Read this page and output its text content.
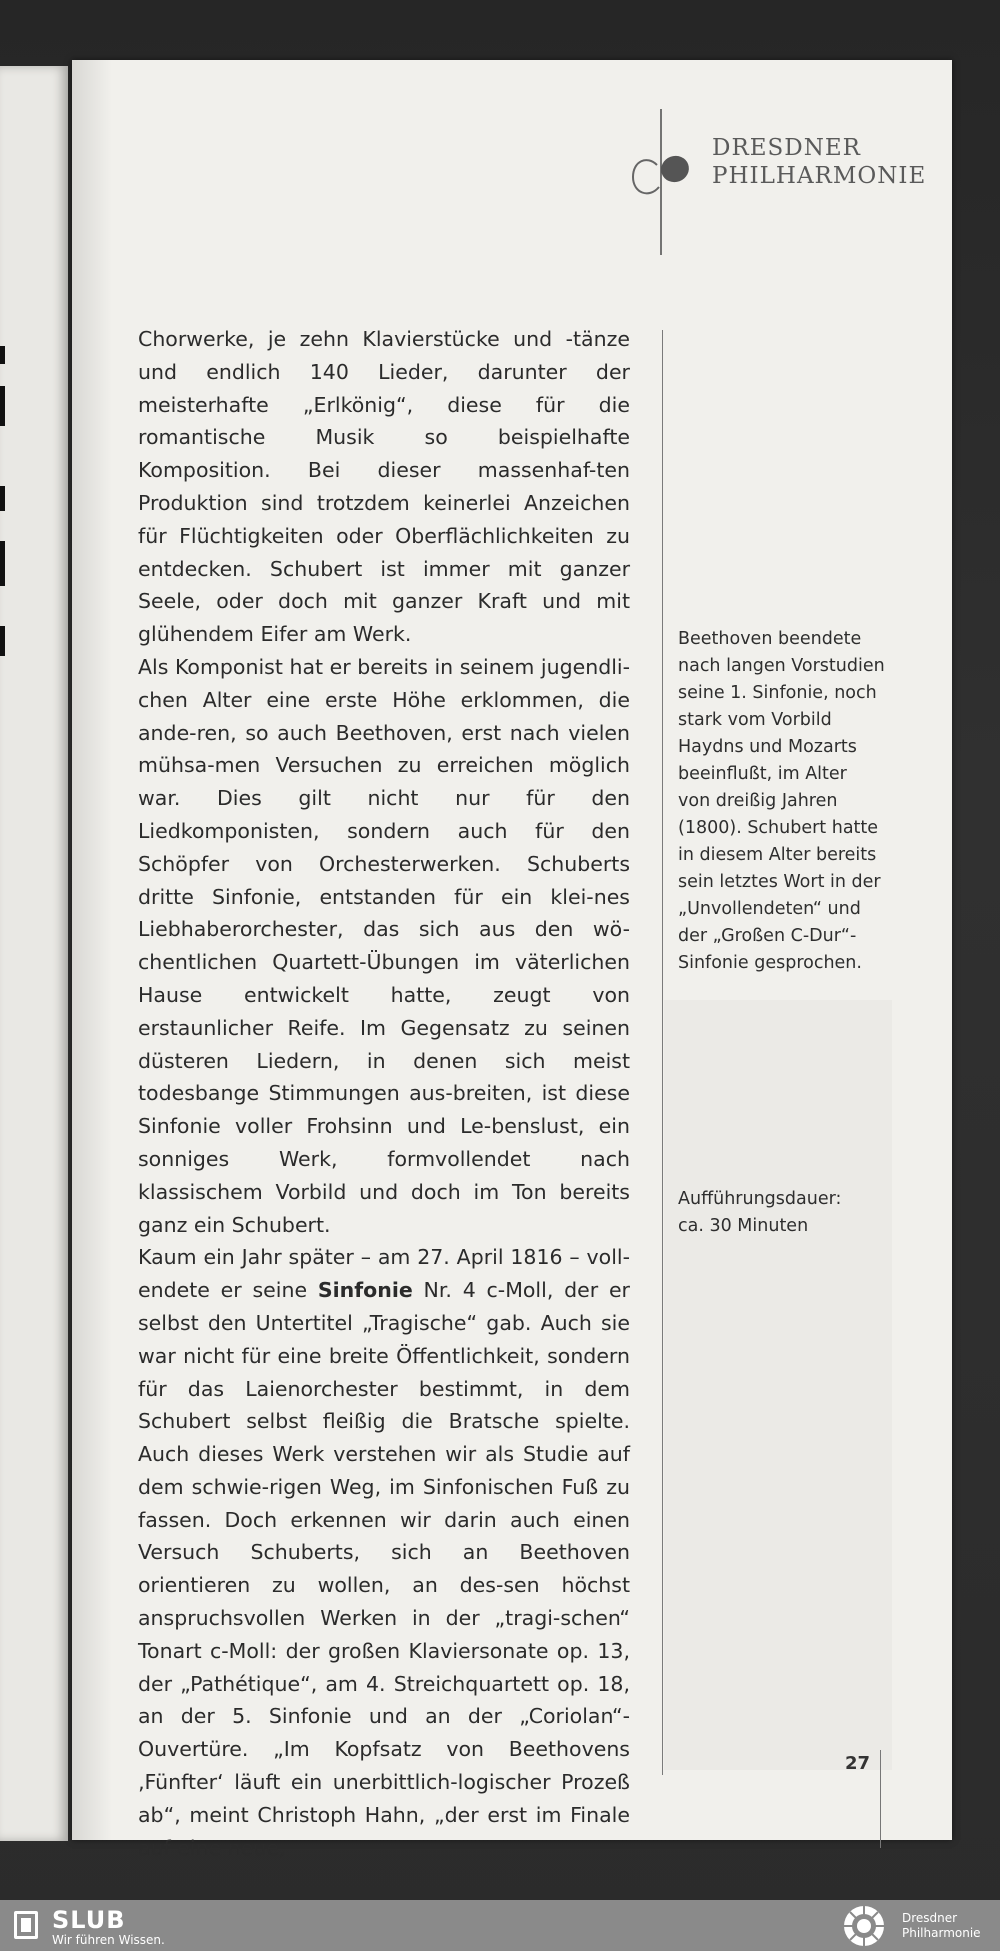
DRESDNER
PHILHARMONIE

Chorwerke, je zehn Klavierstücke und -tänze und endlich 140 Lieder, darunter der meisterhafte „Erlkönig“, diese für die romantische Musik so beispielhafte Komposition. Bei dieser massenhaf-ten Produktion sind trotzdem keinerlei Anzeichen für Flüchtigkeiten oder Oberflächlichkeiten zu entdecken. Schubert ist immer mit ganzer Seele, oder doch mit ganzer Kraft und mit glühendem Eifer am Werk.

Als Komponist hat er bereits in seinem jugendli-chen Alter eine erste Höhe erklommen, die ande-ren, so auch Beethoven, erst nach vielen mühsa-men Versuchen zu erreichen möglich war. Dies gilt nicht nur für den Liedkomponisten, sondern auch für den Schöpfer von Orchesterwerken. Schuberts dritte Sinfonie, entstanden für ein klei-nes Liebhaberorchester, das sich aus den wö-chentlichen Quartett-Übungen im väterlichen Hause entwickelt hatte, zeugt von erstaunlicher Reife. Im Gegensatz zu seinen düsteren Liedern, in denen sich meist todesbange Stimmungen aus-breiten, ist diese Sinfonie voller Frohsinn und Le-benslust, ein sonniges Werk, formvollendet nach klassischem Vorbild und doch im Ton bereits ganz ein Schubert.

Kaum ein Jahr später – am 27. April 1816 – voll-endete er seine Sinfonie Nr. 4 c-Moll, der er selbst den Untertitel „Tragische“ gab. Auch sie war nicht für eine breite Öffentlichkeit, sondern für das Laienorchester bestimmt, in dem Schubert selbst fleißig die Bratsche spielte. Auch dieses Werk verstehen wir als Studie auf dem schwie-rigen Weg, im Sinfonischen Fuß zu fassen. Doch erkennen wir darin auch einen Versuch Schuberts, sich an Beethoven orientieren zu wollen, an des-sen höchst anspruchsvollen Werken in der „tragi-schen“ Tonart c-Moll: der großen Klaviersonate op. 13, der „Pathétique“, am 4. Streichquartett op. 18, an der 5. Sinfonie und an der „Coriolan“- Ouvertüre. „Im Kopfsatz von Beethovens ‚Fünfter‘ läuft ein unerbittlich-logischer Prozeß ab“, meint Christoph Hahn, „der erst im Finale auf eine neue,

Beethoven beendete
nach langen Vorstudien
seine 1. Sinfonie, noch
stark vom Vorbild
Haydns und Mozarts
beeinflußt, im Alter
von dreißig Jahren
(1800). Schubert hatte
in diesem Alter bereits
sein letztes Wort in der
„Unvollendeten“ und
der „Großen C-Dur“-
Sinfonie gesprochen.
Aufführungsdauer:
ca. 30 Minuten
27
SLUB
Wir führen Wissen.
Dresdner
Philharmonie
